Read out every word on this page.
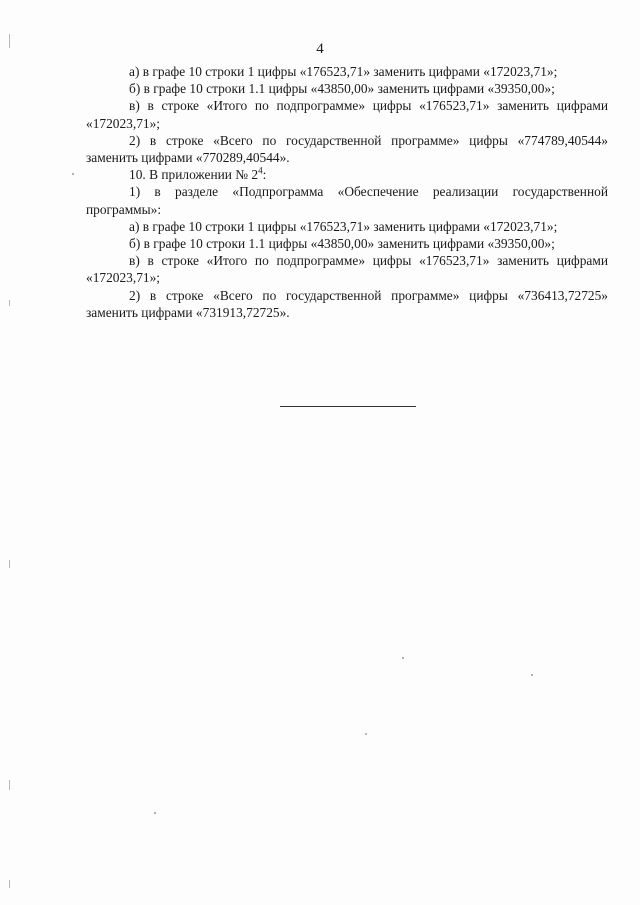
4

а) в графе 10 строки 1 цифры «176523,71» заменить цифрами «172023,71»;

б) в графе 10 строки 1.1 цифры «43850,00» заменить цифрами «39350,00»;

в) в строке «Итого по подпрограмме» цифры «176523,71» заменить цифрами «172023,71»;

2) в строке «Всего по государственной программе» цифры «774789,40544» заменить цифрами «770289,40544».

10. В приложении № $2^4$:

1) в разделе «Подпрограмма «Обеспечение реализации государственной программы»:

а) в графе 10 строки 1 цифры «176523,71» заменить цифрами «172023,71»;

б) в графе 10 строки 1.1 цифры «43850,00» заменить цифрами «39350,00»;

в) в строке «Итого по подпрограмме» цифры «176523,71» заменить цифрами «172023,71»;

2) в строке «Всего по государственной программе» цифры «736413,72725» заменить цифрами «731913,72725».
